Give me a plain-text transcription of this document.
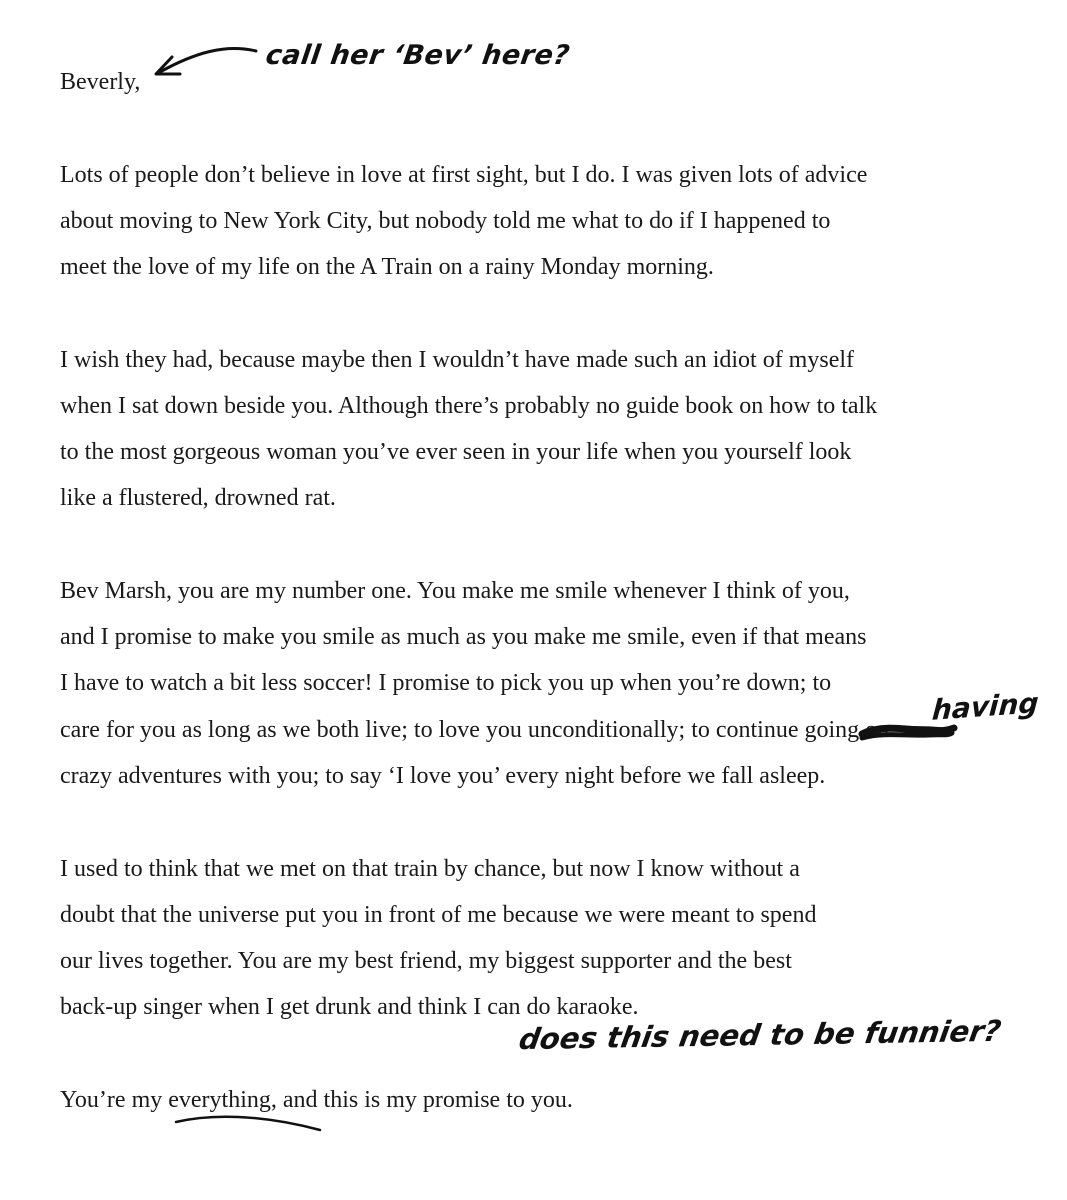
Beverly,
Lots of people don’t believe in love at first sight, but I do. I was given lots of advice
about moving to New York City, but nobody told me what to do if I happened to
meet the love of my life on the A Train on a rainy Monday morning.
I wish they had, because maybe then I wouldn’t have made such an idiot of myself
when I sat down beside you. Although there’s probably no guide book on how to talk
to the most gorgeous woman you’ve ever seen in your life when you yourself look
like a flustered, drowned rat.
Bev Marsh, you are my number one. You make me smile whenever I think of you,
and I promise to make you smile as much as you make me smile, even if that means
I have to watch a bit less soccer! I promise to pick you up when you’re down; to
care for you as long as we both live; to love you unconditionally; to continue going on
crazy adventures with you; to say ‘I love you’ every night before we fall asleep.
I used to think that we met on that train by chance, but now I know without a
doubt that the universe put you in front of me because we were meant to spend
our lives together. You are my best friend, my biggest supporter and the best
back-up singer when I get drunk and think I can do karaoke.
You’re my everything, and this is my promise to you.
call her ‘Bev’ here?
having
does this need to be funnier?
